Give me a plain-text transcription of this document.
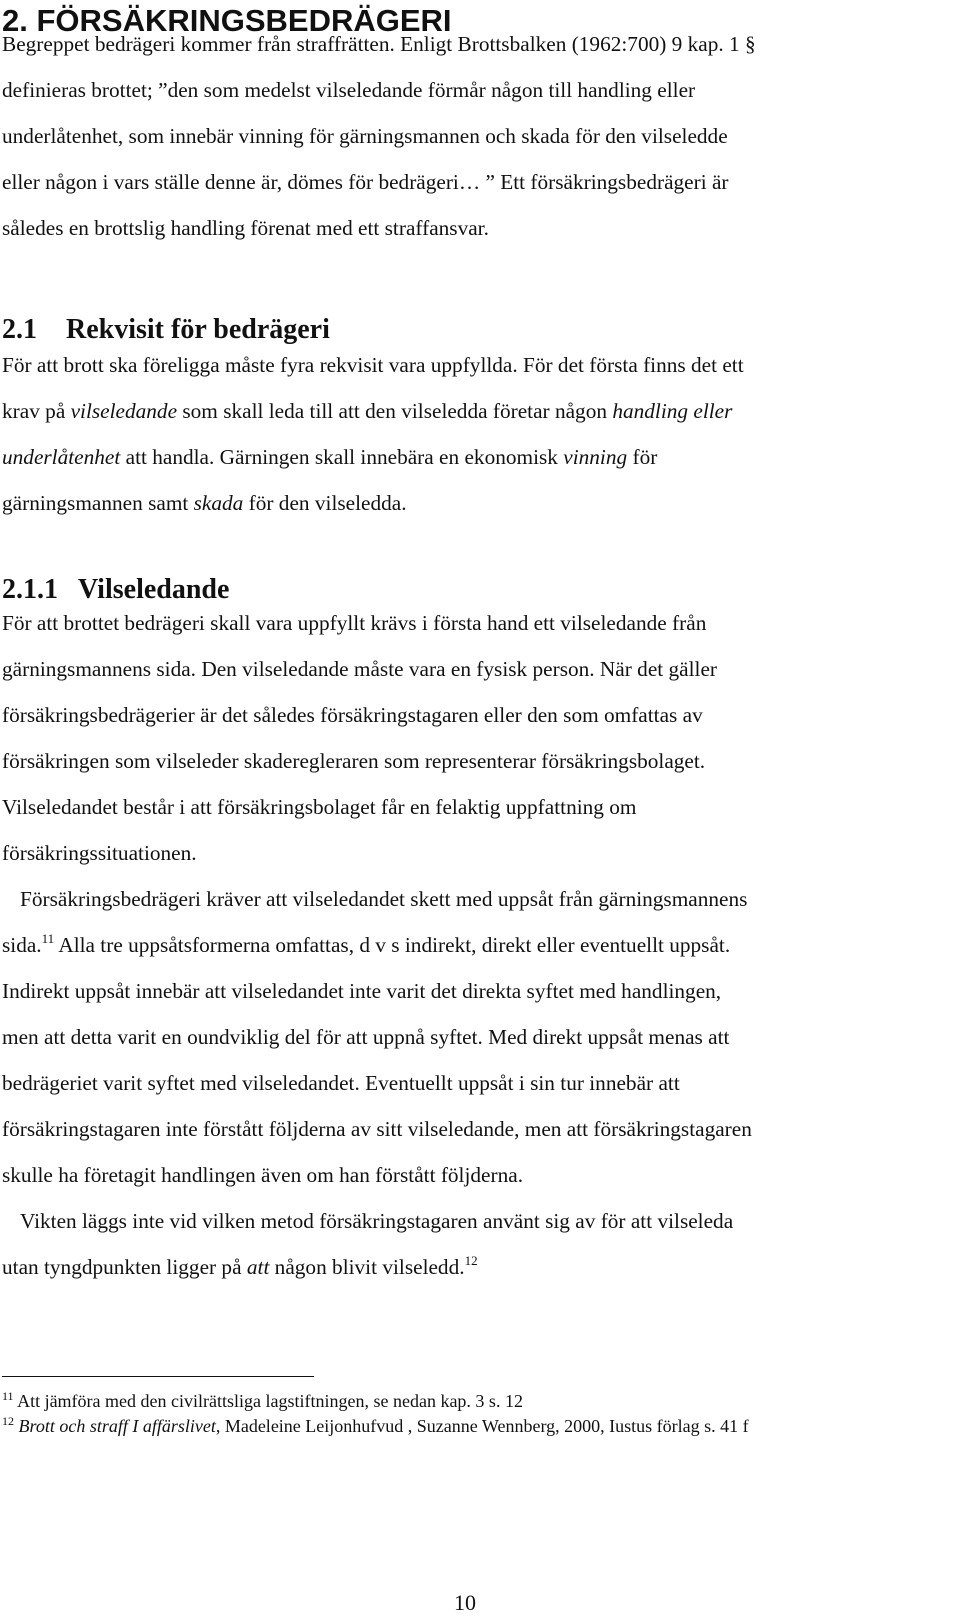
2. FÖRSÄKRINGSBEDRÄGERI
Begreppet bedrägeri kommer från straffrätten. Enligt Brottsbalken (1962:700) 9 kap. 1 §
definieras brottet; ”den som medelst vilseledande förmår någon till handling eller
underlåtenhet, som innebär vinning för gärningsmannen och skada för den vilseledde
eller någon i vars ställe denne är, dömes för bedrägeri… ” Ett försäkringsbedrägeri är
således en brottslig handling förenat med ett straffansvar.
2.1 Rekvisit för bedrägeri
För att brott ska föreligga måste fyra rekvisit vara uppfyllda. För det första finns det ett
krav på vilseledande som skall leda till att den vilseledda företar någon handling eller
underlåtenhet att handla. Gärningen skall innebära en ekonomisk vinning för
gärningsmannen samt skada för den vilseledda.
2.1.1 Vilseledande
För att brottet bedrägeri skall vara uppfyllt krävs i första hand ett vilseledande från
gärningsmannens sida. Den vilseledande måste vara en fysisk person. När det gäller
försäkringsbedrägerier är det således försäkringstagaren eller den som omfattas av
försäkringen som vilseleder skaderegleraren som representerar försäkringsbolaget.
Vilseledandet består i att försäkringsbolaget får en felaktig uppfattning om
försäkringssituationen.
Försäkringsbedrägeri kräver att vilseledandet skett med uppsåt från gärningsmannens
sida.$^{11}$ Alla tre uppsåtsformerna omfattas, d v s indirekt, direkt eller eventuellt uppsåt.
Indirekt uppsåt innebär att vilseledandet inte varit det direkta syftet med handlingen,
men att detta varit en oundviklig del för att uppnå syftet. Med direkt uppsåt menas att
bedrägeriet varit syftet med vilseledandet. Eventuellt uppsåt i sin tur innebär att
försäkringstagaren inte förstått följderna av sitt vilseledande, men att försäkringstagaren
skulle ha företagit handlingen även om han förstått följderna.
Vikten läggs inte vid vilken metod försäkringstagaren använt sig av för att vilseleda
utan tyngdpunkten ligger på att någon blivit vilseledd.$^{12}$
$^{11}$ Att jämföra med den civilrättsliga lagstiftningen, se nedan kap. 3 s. 12
$^{12}$ Brott och straff I affärslivet, Madeleine Leijonhufvud , Suzanne Wennberg, 2000, Iustus förlag s. 41 f
10
